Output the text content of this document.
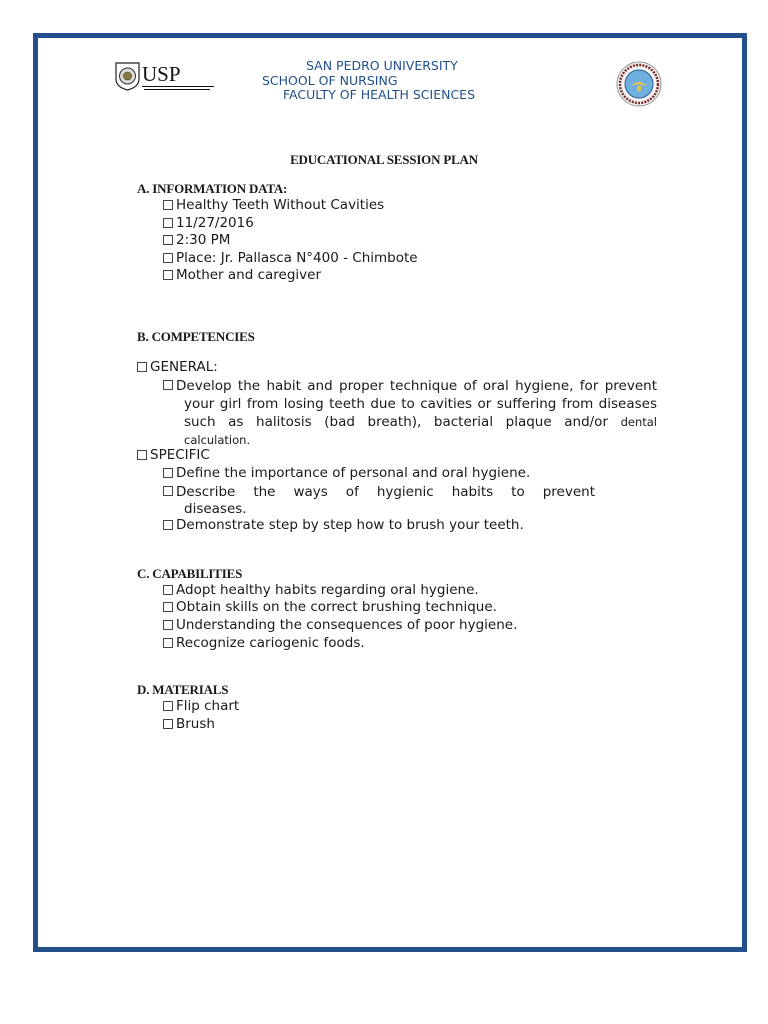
USP	SAN PEDRO UNIVERSITY
SCHOOL OF NURSING
FACULTY OF HEALTH SCIENCES
EDUCATIONAL SESSION PLAN
A. INFORMATION DATA:
Healthy Teeth Without Cavities
11/27/2016
2:30 PM
Place: Jr. Pallasca N°400 - Chimbote
Mother and caregiver
B. COMPETENCIES
GENERAL:
Develop the habit and proper technique of oral hygiene, for prevent your girl from losing teeth due to cavities or suffering from diseases such as halitosis (bad breath), bacterial plaque and/or dental calculation.
SPECIFIC
Define the importance of personal and oral hygiene.
Describe the ways of hygienic habits to prevent
diseases.
Demonstrate step by step how to brush your teeth.
C. CAPABILITIES
Adopt healthy habits regarding oral hygiene.
Obtain skills on the correct brushing technique.
Understanding the consequences of poor hygiene.
Recognize cariogenic foods.
D. MATERIALS
Flip chart
Brush
